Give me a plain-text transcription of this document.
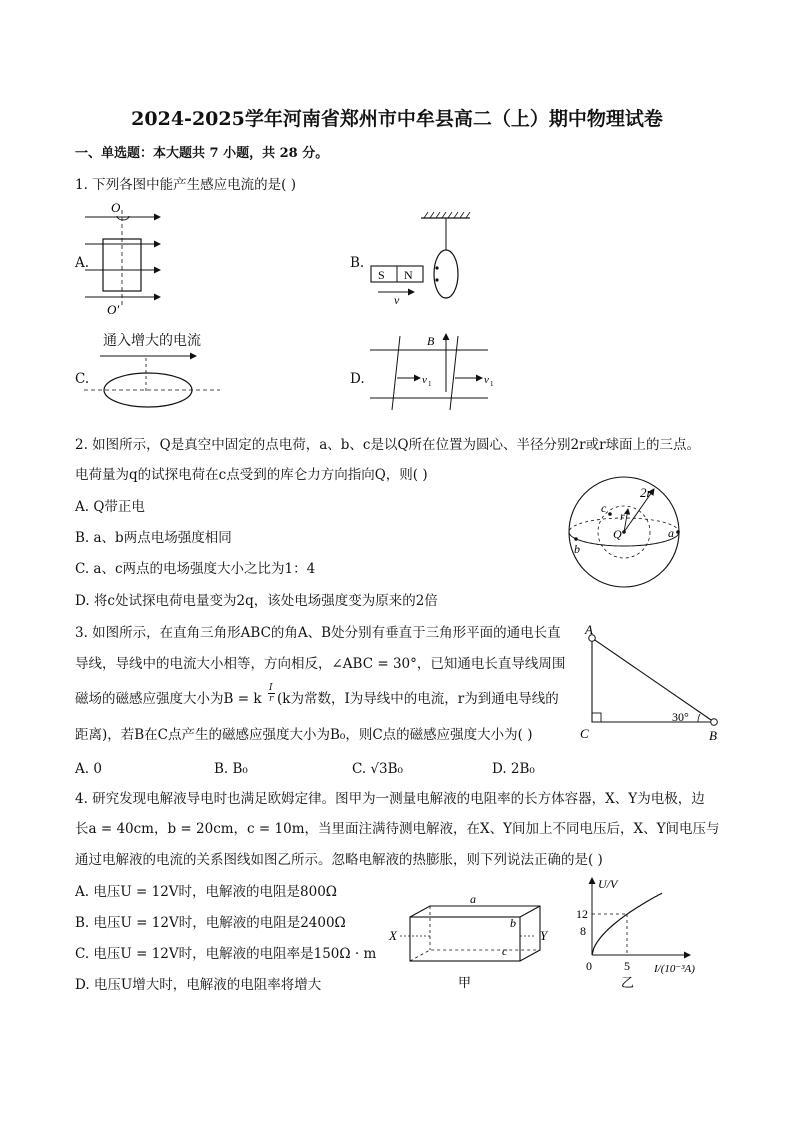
2024-2025学年河南省郑州市中牟县高二（上）期中物理试卷
一、单选题：本大题共 7 小题，共 28 分。
1. 下列各图中能产生感应电流的是( )
A.
O
O′
B.
S N
v
C.
通入增大的电流
D.
B
v 1	v 1
2. 如图所示，Q是真空中固定的点电荷，a、b、c是以Q所在位置为圆心、半径分别2r或r球面上的三点。
电荷量为q的试探电荷在c点受到的库仑力方向指向Q，则( )
A. Q带正电
B. a、b两点电场强度相同
C. a、c两点的电场强度大小之比为1：4
D. 将c处试探电荷电量变为2q，该处电场强度变为原来的2倍
2r
r
c
Q	a
b
3. 如图所示，在直角三角形ABC的角A、B处分别有垂直于三角形平面的通电长直
导线，导线中的电流大小相等，方向相反，∠ABC = 30°，已知通电长直导线周围
磁场的磁感应强度大小为B = k
I
r (k为常数，I为导线中的电流，r为到通电导线的
距离)，若B在C点产生的磁感应强度大小为B₀，则C点的磁感应强度大小为( )
A. 0	B. B₀	C. √3B₀	D. 2B₀
A
C	B
30°
4. 研究发现电解液导电时也满足欧姆定律。图甲为一测量电解液的电阻率的长方体容器，X、Y为电极，边
长a = 40cm，b = 20cm，c = 10m，当里面注满待测电解液，在X、Y间加上不同电压后，X、Y间电压与
通过电解液的电流的关系图线如图乙所示。忽略电解液的热膨胀，则下列说法正确的是( )
A. 电压U = 12V时，电解液的电阻是800Ω
B. 电压U = 12V时，电解液的电阻是2400Ω
C. 电压U = 12V时，电解液的电阻率是150Ω · m
D. 电压U增大时，电解液的电阻率将增大
a
b
c
X	Y
甲
U/V
12
8
0	5 I/(10⁻³A)
乙
